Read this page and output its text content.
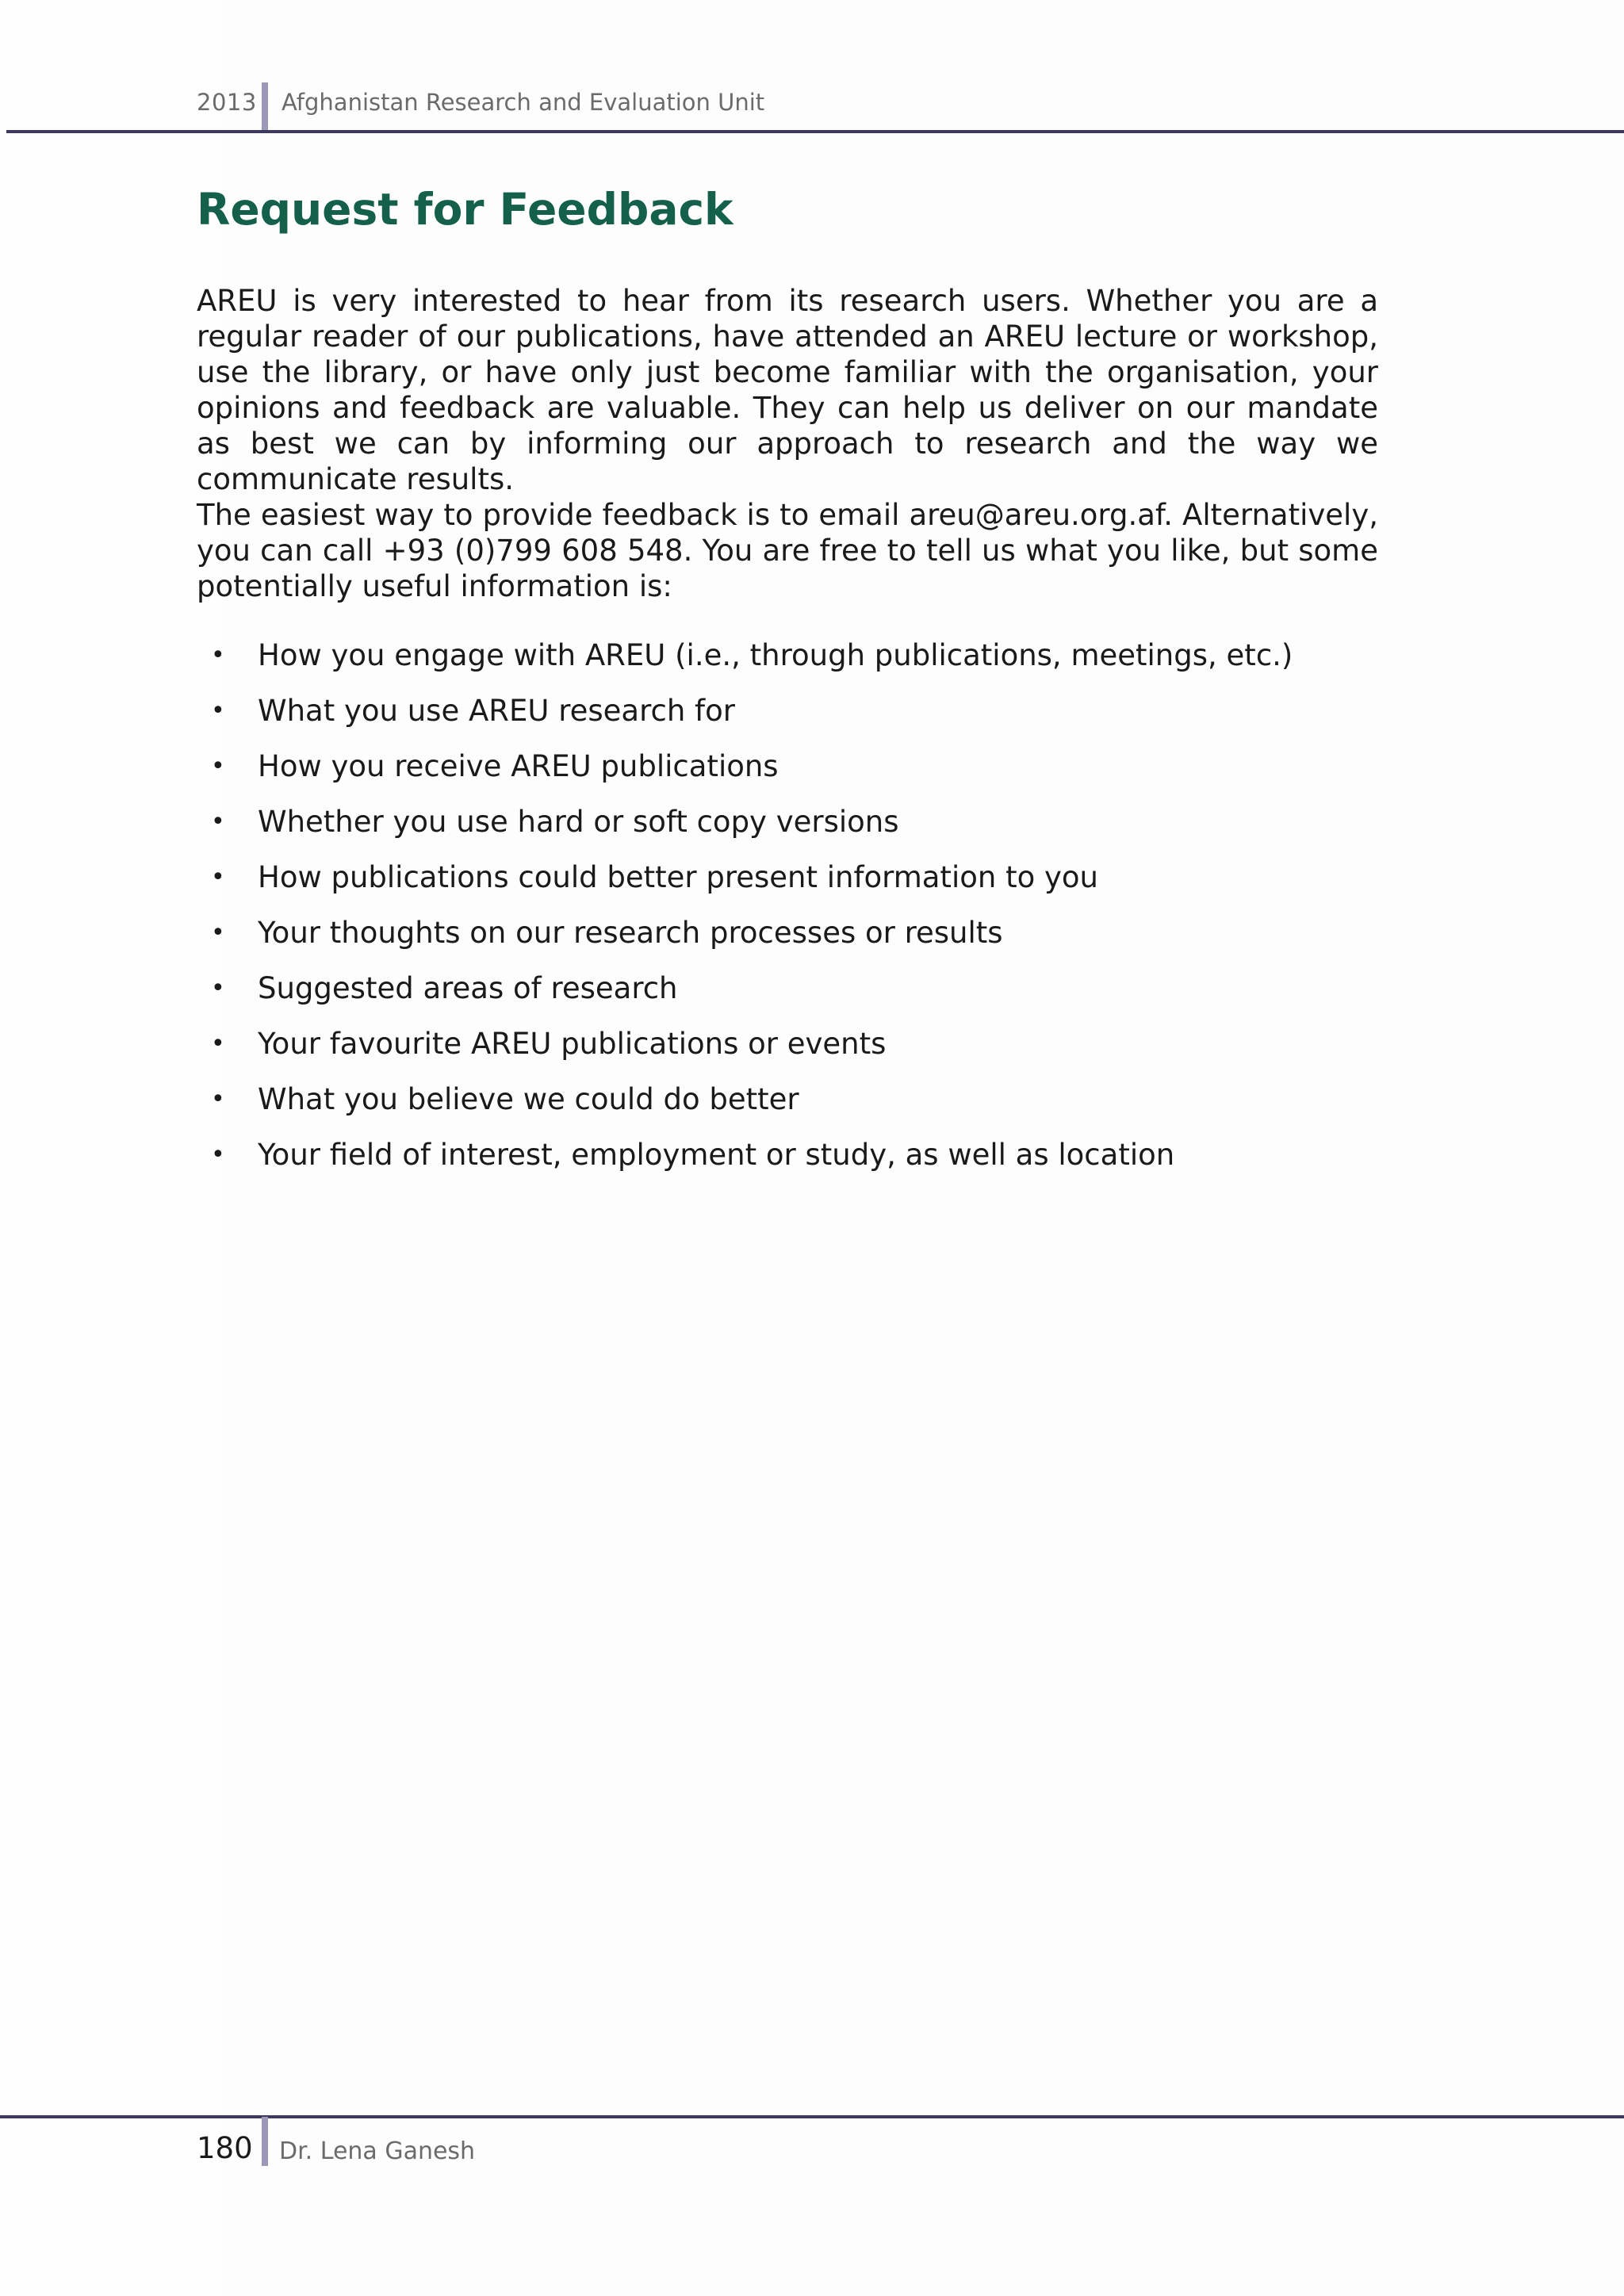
2013 Afghanistan Research and Evaluation Unit
Request for Feedback

AREU is very interested to hear from its research users. Whether you are a regular reader of our publications, have attended an AREU lecture or workshop, use the library, or have only just become familiar with the organisation, your opinions and feedback are valuable. They can help us deliver on our mandate as best we can by informing our approach to research and the way we communicate results.

The easiest way to provide feedback is to email areu@areu.org.af. Alternatively, you can call +93 (0)799 608 548. You are free to tell us what you like, but some potentially useful information is:

• How you engage with AREU (i.e., through publications, meetings, etc.)
• What you use AREU research for
• How you receive AREU publications
• Whether you use hard or soft copy versions
• How publications could better present information to you
• Your thoughts on our research processes or results
• Suggested areas of research
• Your favourite AREU publications or events
• What you believe we could do better
• Your field of interest, employment or study, as well as location
180 Dr. Lena Ganesh
